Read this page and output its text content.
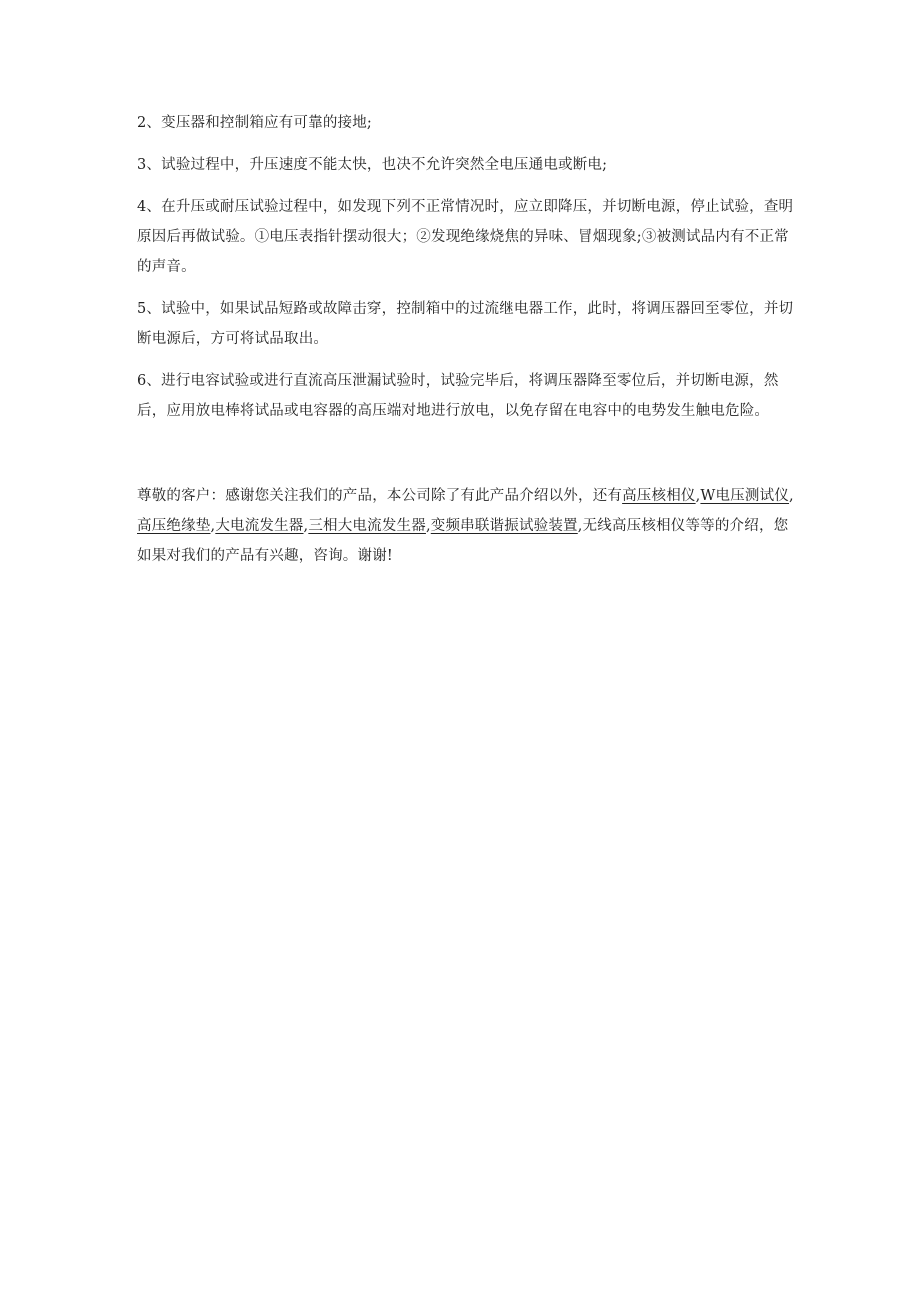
2、变压器和控制箱应有可靠的接地;

3、试验过程中，升压速度不能太快，也决不允许突然全电压通电或断电;

4、在升压或耐压试验过程中，如发现下列不正常情况时，应立即降压，并切断电源，停止试验，查明原因后再做试验。①电压表指针摆动很大；②发现绝缘烧焦的异味、冒烟现象;③被测试品内有不正常的声音。

5、试验中，如果试品短路或故障击穿，控制箱中的过流继电器工作，此时，将调压器回至零位，并切断电源后，方可将试品取出。

6、进行电容试验或进行直流高压泄漏试验时，试验完毕后，将调压器降至零位后，并切断电源，然后，应用放电棒将试品或电容器的高压端对地进行放电，以免存留在电容中的电势发生触电危险。

尊敬的客户：感谢您关注我们的产品，本公司除了有此产品介绍以外，还有高压核相仪,W电压测试仪,高压绝缘垫,大电流发生器,三相大电流发生器,变频串联谐振试验装置,无线高压核相仪等等的介绍，您如果对我们的产品有兴趣，咨询。谢谢!
